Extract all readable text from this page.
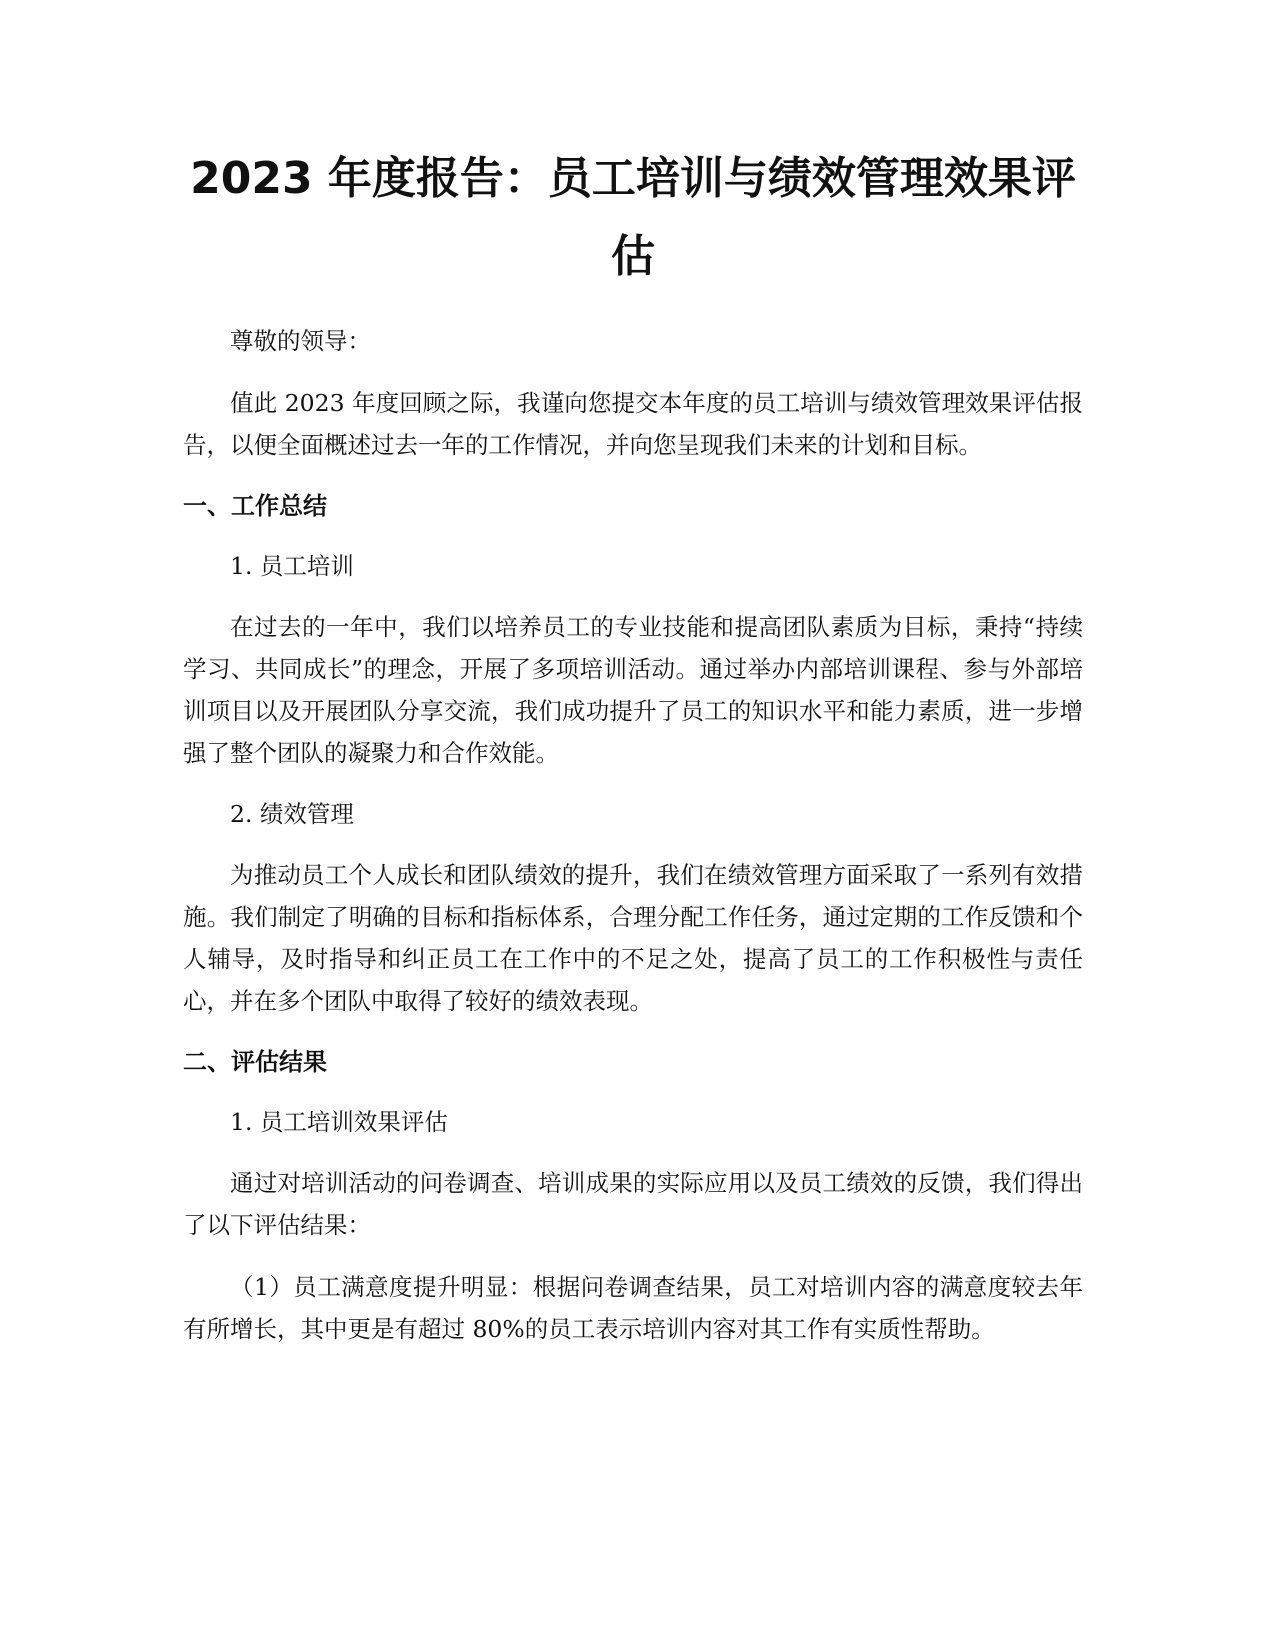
2023 年度报告：员工培训与绩效管理效果评估

尊敬的领导：

值此 2023 年度回顾之际，我谨向您提交本年度的员工培训与绩效管理效果评估报告，以便全面概述过去一年的工作情况，并向您呈现我们未来的计划和目标。

一、工作总结
1. 员工培训

在过去的一年中，我们以培养员工的专业技能和提高团队素质为目标，秉持“持续学习、共同成长”的理念，开展了多项培训活动。通过举办内部培训课程、参与外部培训项目以及开展团队分享交流，我们成功提升了员工的知识水平和能力素质，进一步增强了整个团队的凝聚力和合作效能。

2. 绩效管理

为推动员工个人成长和团队绩效的提升，我们在绩效管理方面采取了一系列有效措施。我们制定了明确的目标和指标体系，合理分配工作任务，通过定期的工作反馈和个人辅导，及时指导和纠正员工在工作中的不足之处，提高了员工的工作积极性与责任心，并在多个团队中取得了较好的绩效表现。

二、评估结果
1. 员工培训效果评估

通过对培训活动的问卷调查、培训成果的实际应用以及员工绩效的反馈，我们得出了以下评估结果：

（1）员工满意度提升明显：根据问卷调查结果，员工对培训内容的满意度较去年有所增长，其中更是有超过 80%的员工表示培训内容对其工作有实质性帮助。
